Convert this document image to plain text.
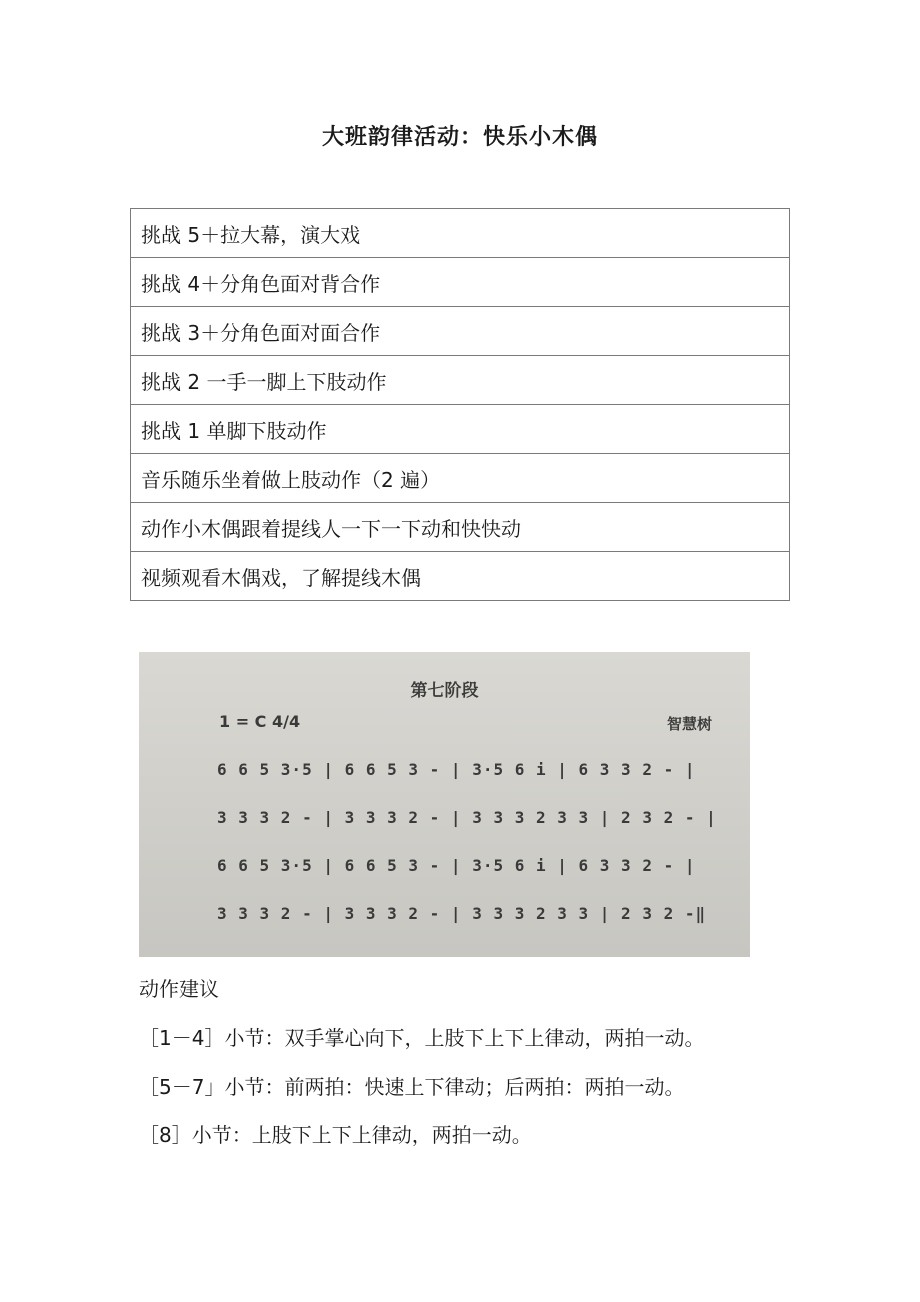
大班韵律活动：快乐小木偶
挑战 5＋拉大幕，演大戏
挑战 4＋分角色面对背合作
挑战 3＋分角色面对面合作
挑战 2 一手一脚上下肢动作
挑战 1 单脚下肢动作
音乐随乐坐着做上肢动作（2 遍）
动作小木偶跟着提线人一下一下动和快快动
视频观看木偶戏，了解提线木偶
第七阶段
1 = C 4/4	智慧树
6 6 5 3·5 | 6 6 5 3 - | 3·5 6 i | 6 3 3 2 - |
3 3 3 2 - | 3 3 3 2 - | 3 3 3 2 3 3 | 2 3 2 - |
6 6 5 3·5 | 6 6 5 3 - | 3·5 6 i | 6 3 3 2 - |
3 3 3 2 - | 3 3 3 2 - | 3 3 3 2 3 3 | 2 3 2 -‖
动作建议
［1－4］小节：双手掌心向下，上肢下上下上律动，两拍一动。
［5－7」小节：前两拍：快速上下律动；后两拍：两拍一动。
［8］小节：上肢下上下上律动，两拍一动。
